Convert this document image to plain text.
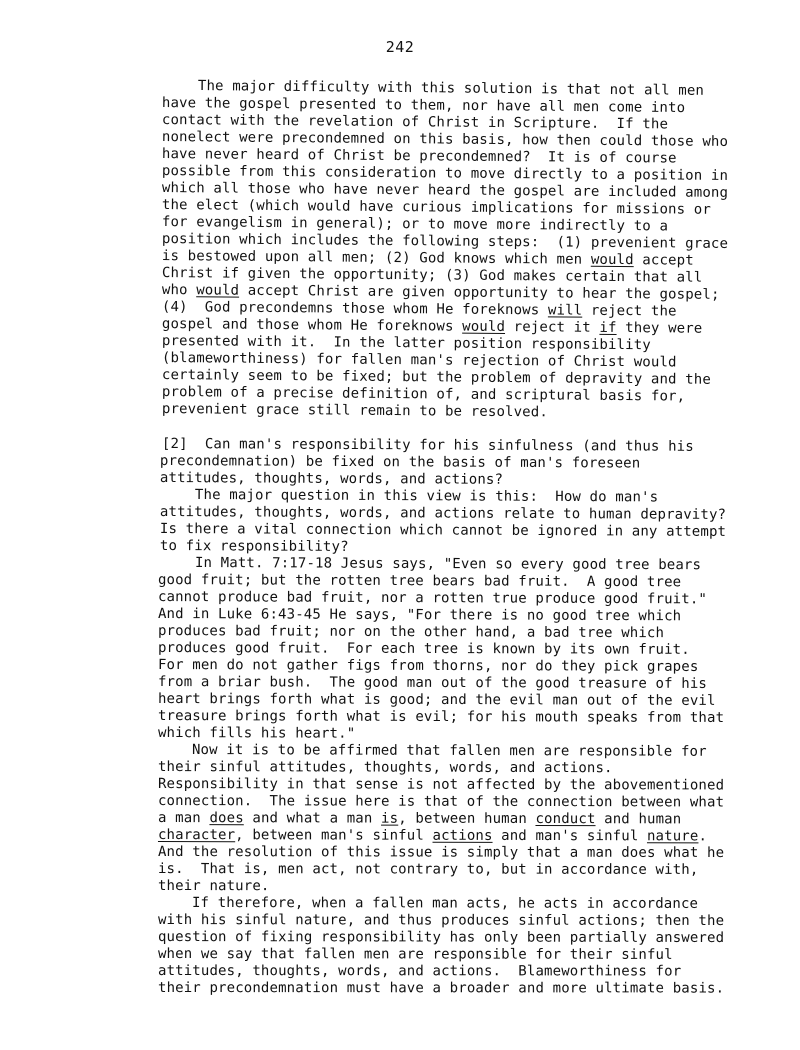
242
The major difficulty with this solution is that not all men
have the gospel presented to them, nor have all men come into
contact with the revelation of Christ in Scripture.  If the
nonelect were precondemned on this basis, how then could those who
have never heard of Christ be precondemned?  It is of course
possible from this consideration to move directly to a position in
which all those who have never heard the gospel are included among
the elect (which would have curious implications for missions or
for evangelism in general); or to move more indirectly to a
position which includes the following steps:  (1) prevenient grace
is bestowed upon all men; (2) God knows which men would accept
Christ if given the opportunity; (3) God makes certain that all
who would accept Christ are given opportunity to hear the gospel;
(4)  God precondemns those whom He foreknows will reject the
gospel and those whom He foreknows would reject it if they were
presented with it.  In the latter position responsibility
(blameworthiness) for fallen man's rejection of Christ would
certainly seem to be fixed; but the problem of depravity and the
problem of a precise definition of, and scriptural basis for,
prevenient grace still remain to be resolved.
[2]  Can man's responsibility for his sinfulness (and thus his
precondemnation) be fixed on the basis of man's foreseen
attitudes, thoughts, words, and actions?
The major question in this view is this:  How do man's
attitudes, thoughts, words, and actions relate to human depravity?
Is there a vital connection which cannot be ignored in any attempt
to fix responsibility?
In Matt. 7:17-18 Jesus says, "Even so every good tree bears
good fruit; but the rotten tree bears bad fruit.  A good tree
cannot produce bad fruit, nor a rotten true produce good fruit."
And in Luke 6:43-45 He says, "For there is no good tree which
produces bad fruit; nor on the other hand, a bad tree which
produces good fruit.  For each tree is known by its own fruit.
For men do not gather figs from thorns, nor do they pick grapes
from a briar bush.  The good man out of the good treasure of his
heart brings forth what is good; and the evil man out of the evil
treasure brings forth what is evil; for his mouth speaks from that
which fills his heart."
Now it is to be affirmed that fallen men are responsible for
their sinful attitudes, thoughts, words, and actions.
Responsibility in that sense is not affected by the abovementioned
connection.  The issue here is that of the connection between what
a man does and what a man is, between human conduct and human
character, between man's sinful actions and man's sinful nature.
And the resolution of this issue is simply that a man does what he
is.  That is, men act, not contrary to, but in accordance with,
their nature.
If therefore, when a fallen man acts, he acts in accordance
with his sinful nature, and thus produces sinful actions; then the
question of fixing responsibility has only been partially answered
when we say that fallen men are responsible for their sinful
attitudes, thoughts, words, and actions.  Blameworthiness for
their precondemnation must have a broader and more ultimate basis.
